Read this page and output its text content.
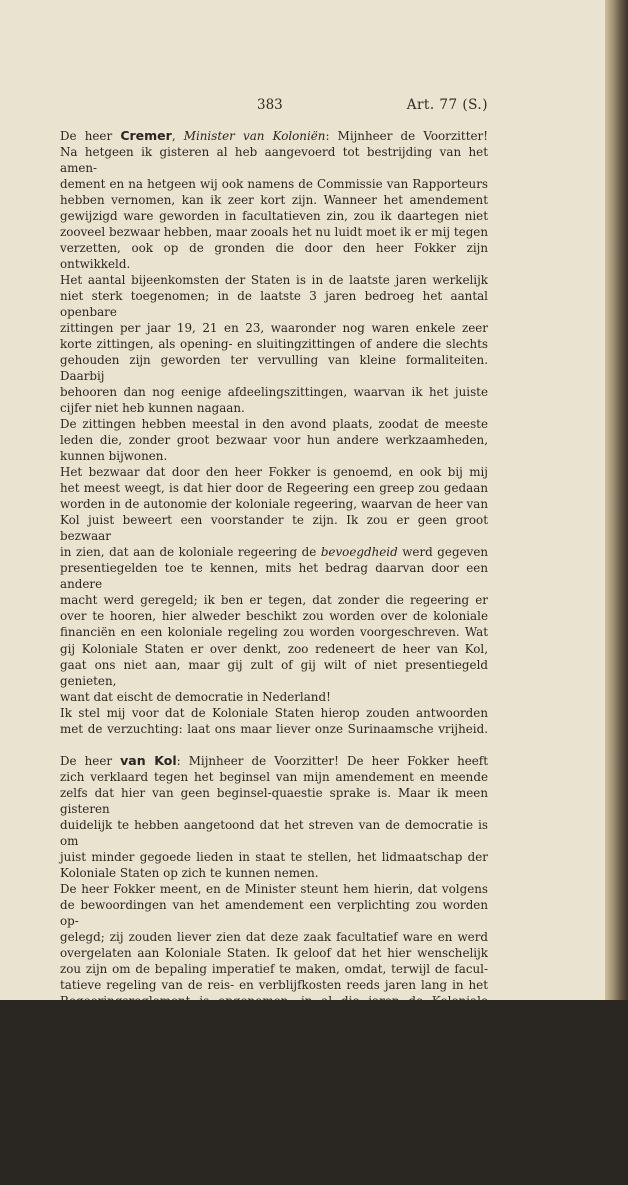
383	Art. 77 (S.)

De heer Cremer, Minister van Koloniën: Mijnheer de Voorzitter!

Na hetgeen ik gisteren al heb aangevoerd tot bestrijding van het amen-

dement en na hetgeen wij ook namens de Commissie van Rapporteurs

hebben vernomen, kan ik zeer kort zijn. Wanneer het amendement

gewijzigd ware geworden in facultatieven zin, zou ik daartegen niet

zooveel bezwaar hebben, maar zooals het nu luidt moet ik er mij tegen

verzetten, ook op de gronden die door den heer Fokker zijn ontwikkeld.

Het aantal bijeenkomsten der Staten is in de laatste jaren werkelijk

niet sterk toegenomen; in de laatste 3 jaren bedroeg het aantal openbare

zittingen per jaar 19, 21 en 23, waaronder nog waren enkele zeer

korte zittingen, als opening- en sluitingzittingen of andere die slechts

gehouden zijn geworden ter vervulling van kleine formaliteiten. Daarbij

behooren dan nog eenige afdeelingszittingen, waarvan ik het juiste

cijfer niet heb kunnen nagaan.

De zittingen hebben meestal in den avond plaats, zoodat de meeste

leden die, zonder groot bezwaar voor hun andere werkzaamheden,

kunnen bijwonen.

Het bezwaar dat door den heer Fokker is genoemd, en ook bij mij

het meest weegt, is dat hier door de Regeering een greep zou gedaan

worden in de autonomie der koloniale regeering, waarvan de heer van

Kol juist beweert een voorstander te zijn. Ik zou er geen groot bezwaar

in zien, dat aan de koloniale regeering de bevoegdheid werd gegeven

presentiegelden toe te kennen, mits het bedrag daarvan door een andere

macht werd geregeld; ik ben er tegen, dat zonder die regeering er

over te hooren, hier alweder beschikt zou worden over de koloniale

financiën en een koloniale regeling zou worden voorgeschreven. Wat

gij Koloniale Staten er over denkt, zoo redeneert de heer van Kol,

gaat ons niet aan, maar gij zult of gij wilt of niet presentiegeld genieten,

want dat eischt de democratie in Nederland!

Ik stel mij voor dat de Koloniale Staten hierop zouden antwoorden

met de verzuchting: laat ons maar liever onze Surinaamsche vrijheid.

De heer van Kol: Mijnheer de Voorzitter! De heer Fokker heeft

zich verklaard tegen het beginsel van mijn amendement en meende

zelfs dat hier van geen beginsel-quaestie sprake is. Maar ik meen gisteren

duidelijk te hebben aangetoond dat het streven van de democratie is om

juist minder gegoede lieden in staat te stellen, het lidmaatschap der

Koloniale Staten op zich te kunnen nemen.

De heer Fokker meent, en de Minister steunt hem hierin, dat volgens

de bewoordingen van het amendement een verplichting zou worden op-

gelegd; zij zouden liever zien dat deze zaak facultatief ware en werd

overgelaten aan Koloniale Staten. Ik geloof dat het hier wenschelijk

zou zijn om de bepaling imperatief te maken, omdat, terwijl de facul-

tatieve regeling van de reis- en verblijfkosten reeds jaren lang in het

Regeeringsreglement is opgenomen, in al die jaren de Koloniale Staten

verzuimd hebben de wet uit te voeren. Ik zou dus het imperatieve, dat

in het amendement ligt opgesloten, willen handhaven, ten einde een

sterken prikkel te hebben om de Koloniale Staten te dwingen althans

uit te voeren wat is vastgesteld.

Daarop kom ik echter nader terug.

De opmerking van den heer Fokker betreffende de presentiegelden

van de gemeenteraden is slechts ten deele juist. De tijd die mij restte

heeft mij ontbroken om de Gemeentewet na te lezen, maar in de practijk

komt alles toch op hetzelfde neder. De gemeenteraden stellen zelf de
